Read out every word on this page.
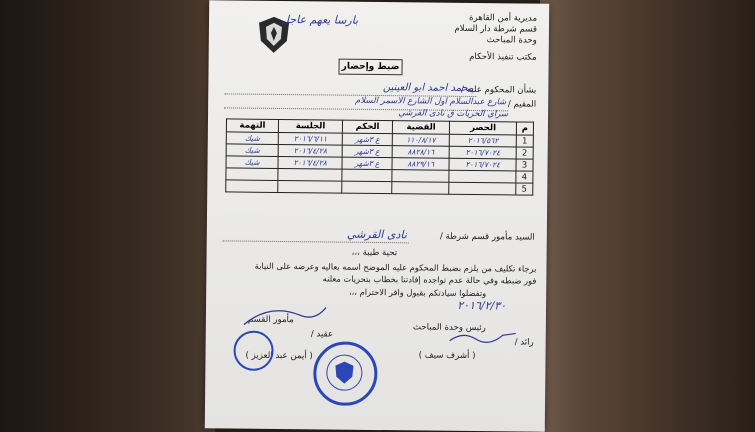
مديرية أمن القاهرة
قسم شرطة دار السلام
وحدة المباحث
مكتب تنفيذ الأحكام
بارسا يعهم عاجل
ضبط وإحضار
بشأن المحكوم عليه /
محمد احمد ابو العينين
المقيم /
شارع عبدالسلام اول الشارع الاسمر السلام
سراي الحريات ق نادى القرشي
م	الحصر	القضية	الحكم	الجلسة	التهمة
1	٢٠١٦/٥٦٢	١١٠/٨/١٧	ع ٣شهر	٢٠١٦/٦/١١	شيك
2	٢٠١٦/٧٠٢٤	٨٨٢٨/١٦	ع ٣شهر	٢٠١٦/٤/٢٨	شيك
3	٢٠١٦/٧٠٢٤	٨٨٢٩/١٦	ع ٣شهر	٢٠١٦/٤/٢٨	شيك
4					
5					
السيد مأمور قسم شرطة /
نادى القرشي
تحية طيبة ،،،
برجاء تكليف من يلزم بضبط المحكوم عليه الموضح اسمه بعاليه وعرضه على النيابة
فور ضبطه وفي حالة عدم تواجده إفادتنا بخطاب بتحريات معلنه
وتفضلوا سيادتكم بقبول وافر الاحترام ،،،
٢٠١٦/٢/٣٠
رئيس وحدة المباحث
رائد /
( أشرف سيف )
مأمور القسم
عقيد /
( أيمن عبد العزيز )
